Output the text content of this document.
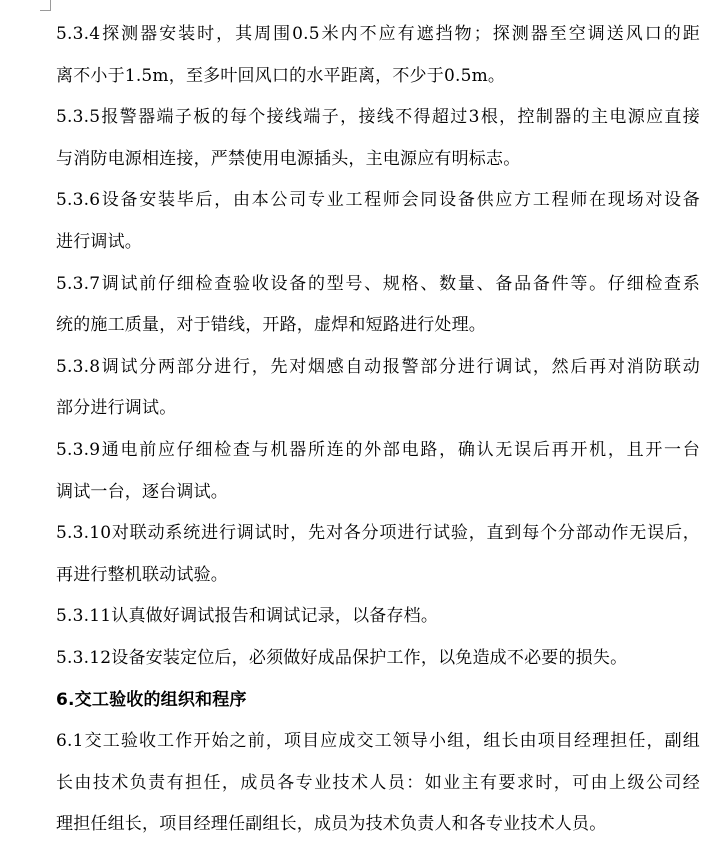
5.3.4探测器安装时，其周围0.5米内不应有遮挡物；探测器至空调送风口的距
离不小于1.5m，至多叶回风口的水平距离，不少于0.5m。
5.3.5报警器端子板的每个接线端子，接线不得超过3根，控制器的主电源应直接
与消防电源相连接，严禁使用电源插头，主电源应有明标志。
5.3.6设备安装毕后，由本公司专业工程师会同设备供应方工程师在现场对设备
进行调试。
5.3.7调试前仔细检查验收设备的型号、规格、数量、备品备件等。仔细检查系
统的施工质量，对于错线，开路，虚焊和短路进行处理。
5.3.8调试分两部分进行，先对烟感自动报警部分进行调试，然后再对消防联动
部分进行调试。
5.3.9通电前应仔细检查与机器所连的外部电路，确认无误后再开机，且开一台
调试一台，逐台调试。
5.3.10对联动系统进行调试时，先对各分项进行试验，直到每个分部动作无误后，
再进行整机联动试验。
5.3.11认真做好调试报告和调试记录，以备存档。
5.3.12设备安装定位后，必须做好成品保护工作，以免造成不必要的损失。
6.交工验收的组织和程序
6.1交工验收工作开始之前，项目应成交工领导小组，组长由项目经理担任，副组
长由技术负责有担任，成员各专业技术人员：如业主有要求时，可由上级公司经
理担任组长，项目经理任副组长，成员为技术负责人和各专业技术人员。
